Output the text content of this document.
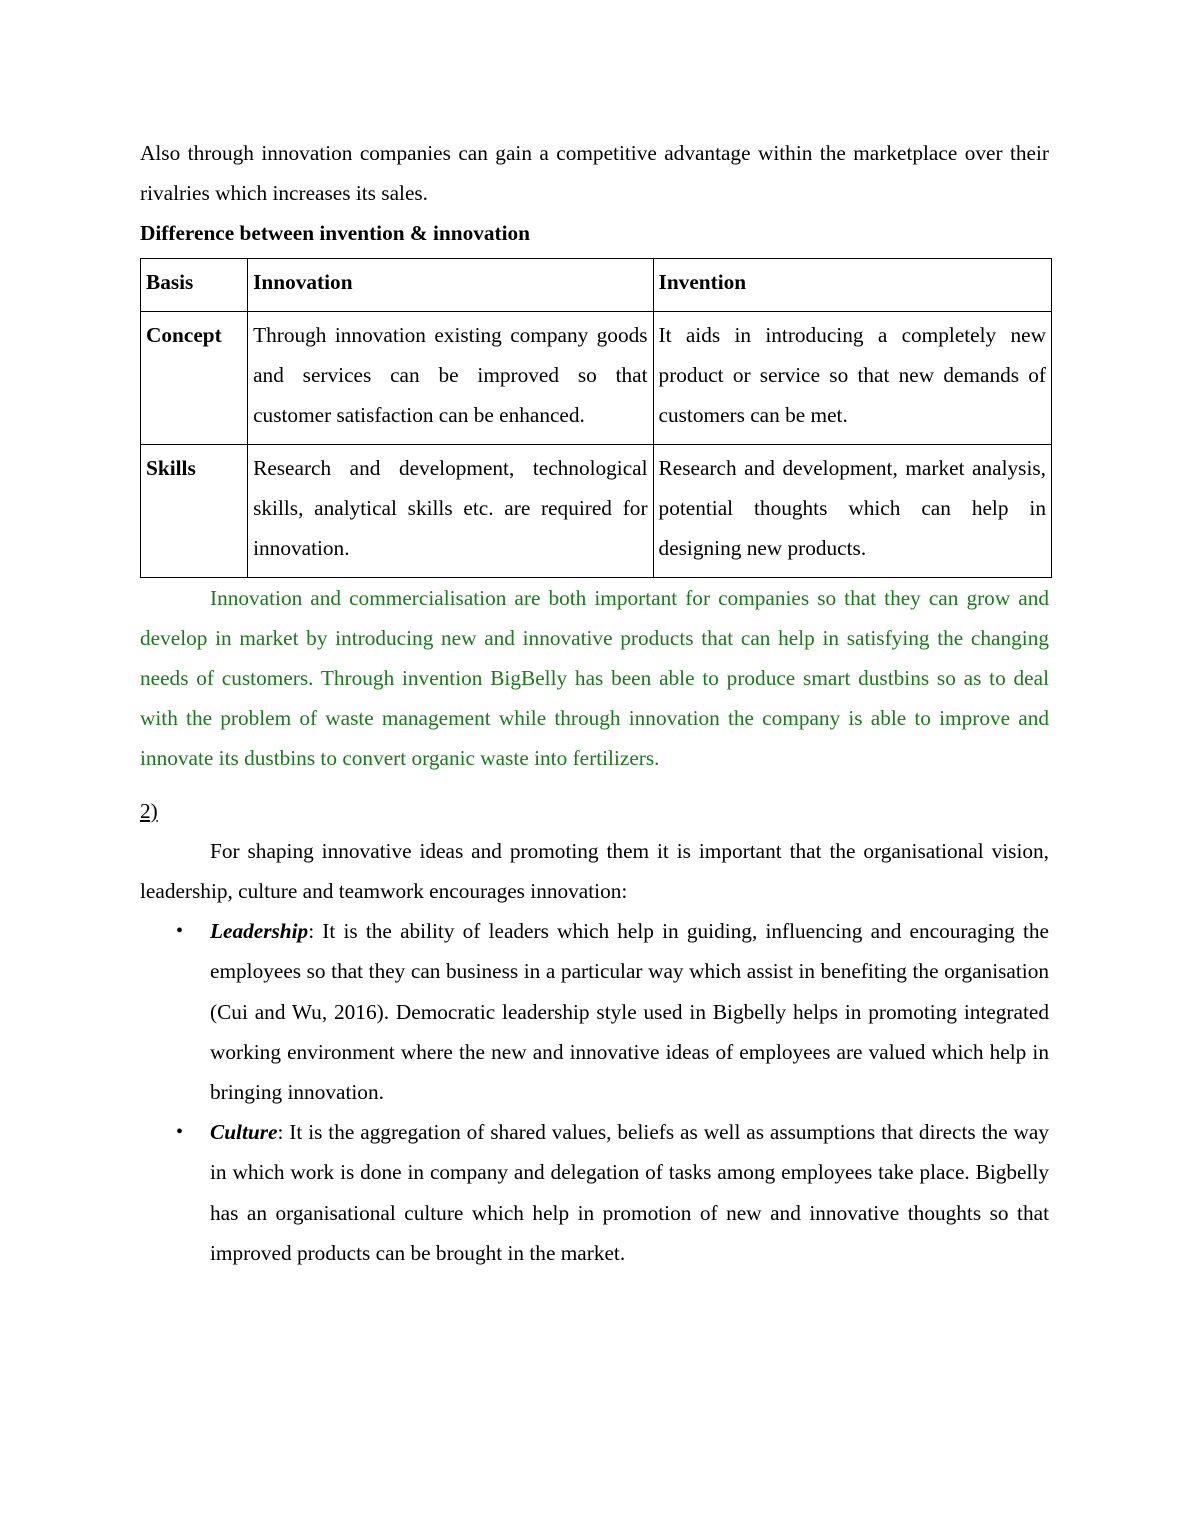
Also through innovation companies can gain a competitive advantage within the marketplace over their rivalries which increases its sales.

Difference between invention & innovation
Basis	Innovation	Invention
Concept	Through innovation existing company goods and services can be improved so that customer satisfaction can be enhanced.	It aids in introducing a completely new product or service so that new demands of customers can be met.
Skills	Research and development, technological skills, analytical skills etc. are required for innovation.	Research and development, market analysis, potential thoughts which can help in designing new products.

Innovation and commercialisation are both important for companies so that they can grow and develop in market by introducing new and innovative products that can help in satisfying the changing needs of customers. Through invention BigBelly has been able to produce smart dustbins so as to deal with the problem of waste management while through innovation the company is able to improve and innovate its dustbins to convert organic waste into fertilizers.

2)

For shaping innovative ideas and promoting them it is important that the organisational vision, leadership, culture and teamwork encourages innovation:

• Leadership: It is the ability of leaders which help in guiding, influencing and encouraging the employees so that they can business in a particular way which assist in benefiting the organisation (Cui and Wu, 2016). Democratic leadership style used in Bigbelly helps in promoting integrated working environment where the new and innovative ideas of employees are valued which help in bringing innovation.
• Culture: It is the aggregation of shared values, beliefs as well as assumptions that directs the way in which work is done in company and delegation of tasks among employees take place. Bigbelly has an organisational culture which help in promotion of new and innovative thoughts so that improved products can be brought in the market.
